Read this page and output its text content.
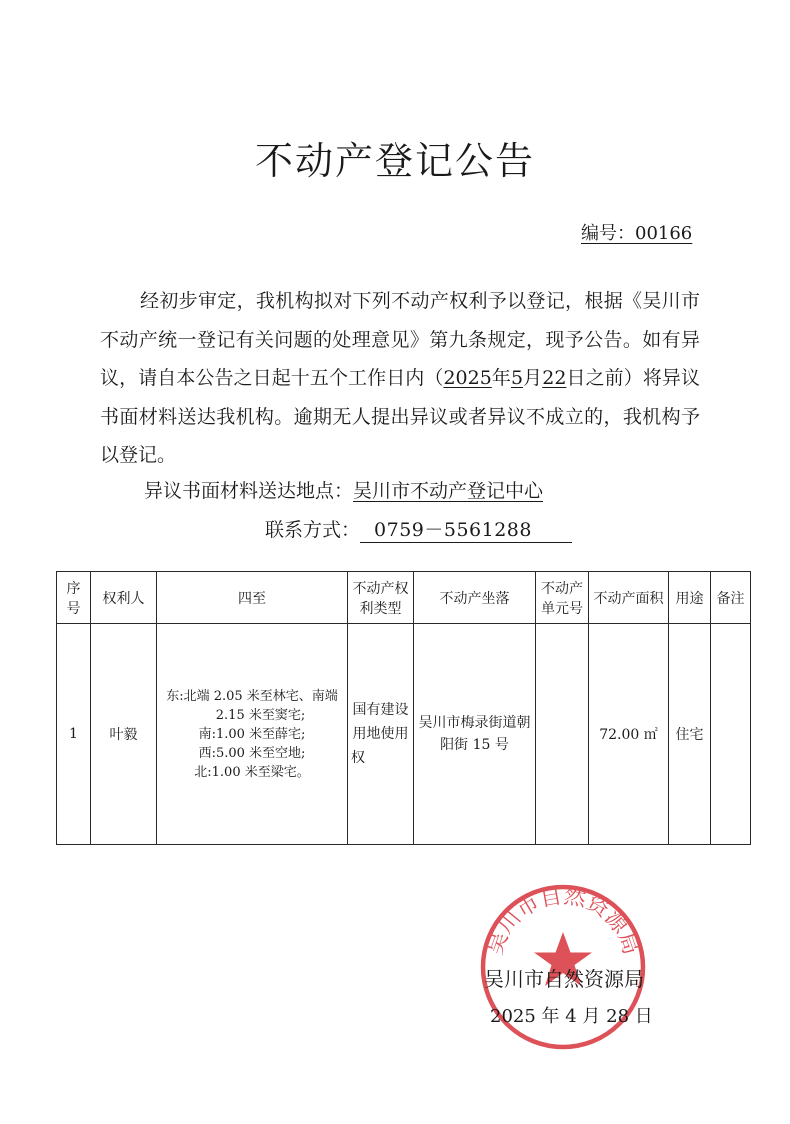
不动产登记公告
编号：00166

经初步审定，我机构拟对下列不动产权利予以登记，根据《吴川市不动产统一登记有关问题的处理意见》第九条规定，现予公告。如有异议，请自本公告之日起十五个工作日内（2025年5月22日之前）将异议书面材料送达我机构。逾期无人提出异议或者异议不成立的，我机构予以登记。

异议书面材料送达地点：吴川市不动产登记中心
联系方式： 0759－5561288
序号	权利人	四至	不动产权利类型	不动产坐落	不动产单元号	不动产面积	用途	备注
1	叶毅	东:北端 2.05 米至林宅、南端
2.15 米至窦宅;
南:1.00 米至薛宅;
西:5.00 米至空地;
北:1.00 米至梁宅。	国有建设用地使用权	吴川市梅录街道朝阳街 15 号		72.00 ㎡	住宅	
吴川市自然资源局
吴川市自然资源局
2025 年 4 月 28 日
